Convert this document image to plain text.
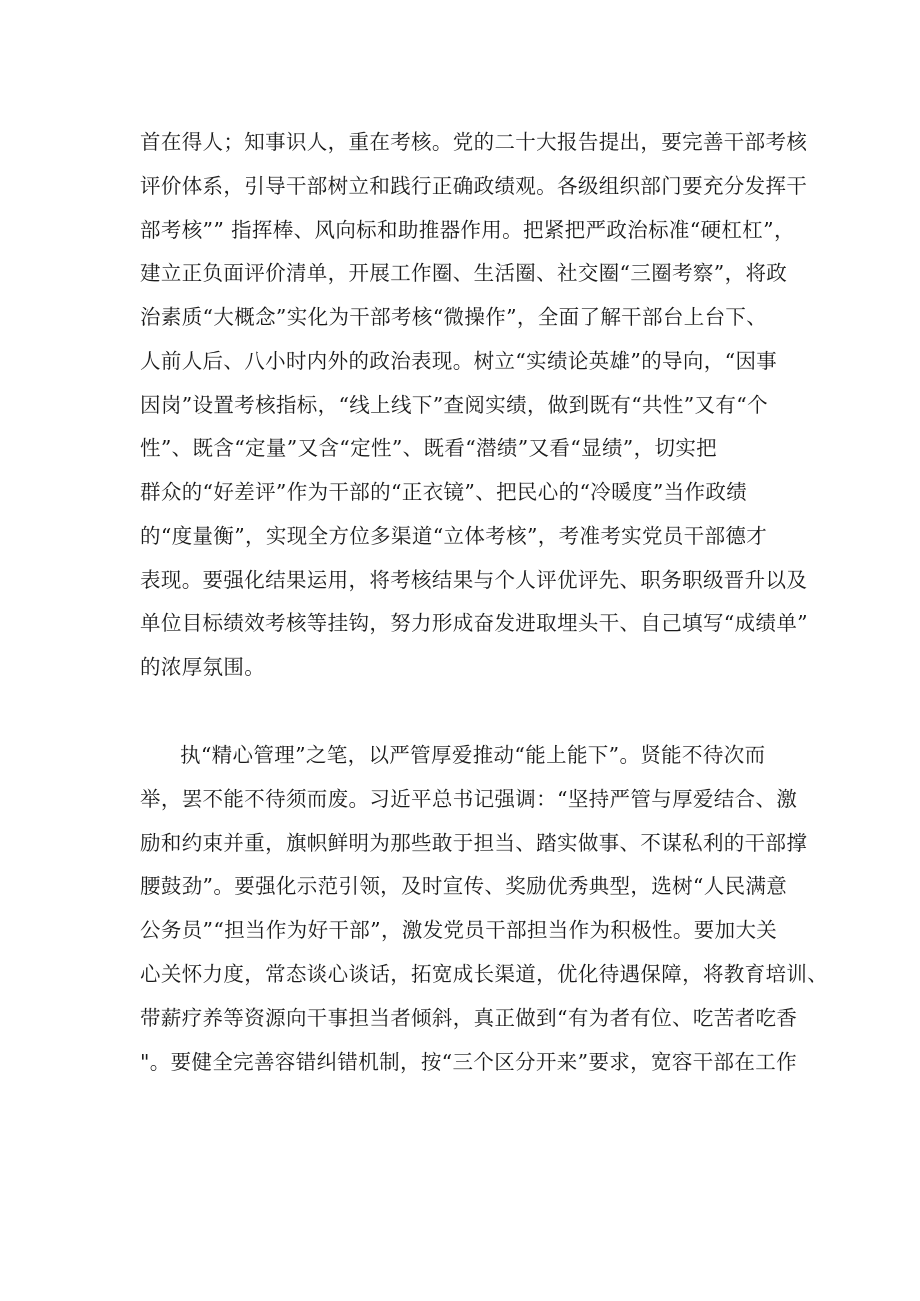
首在得人；知事识人，重在考核。党的二十大报告提出，要完善干部考核
评价体系，引导干部树立和践行正确政绩观。各级组织部门要充分发挥干
部考核”” 指挥棒、风向标和助推器作用。把紧把严政治标准“硬杠杠”，
建立正负面评价清单，开展工作圈、生活圈、社交圈“三圈考察”，将政
治素质“大概念”实化为干部考核“微操作”，全面了解干部台上台下、
人前人后、八小时内外的政治表现。树立“实绩论英雄”的导向，“因事
因岗”设置考核指标，“线上线下”查阅实绩，做到既有“共性”又有“个
性”、既含“定量”又含“定性”、既看“潜绩”又看“显绩”，切实把
群众的“好差评”作为干部的“正衣镜”、把民心的“冷暖度”当作政绩
的“度量衡”，实现全方位多渠道“立体考核”，考准考实党员干部德才
表现。要强化结果运用，将考核结果与个人评优评先、职务职级晋升以及
单位目标绩效考核等挂钩，努力形成奋发进取埋头干、自己填写“成绩单”
的浓厚氛围。
执“精心管理”之笔，以严管厚爱推动“能上能下”。贤能不待次而
举，罢不能不待须而废。习近平总书记强调：“坚持严管与厚爱结合、激
励和约束并重，旗帜鲜明为那些敢于担当、踏实做事、不谋私利的干部撑
腰鼓劲”。要强化示范引领，及时宣传、奖励优秀典型，选树“人民满意
公务员”“担当作为好干部”，激发党员干部担当作为积极性。要加大关
心关怀力度，常态谈心谈话，拓宽成长渠道，优化待遇保障，将教育培训、
带薪疗养等资源向干事担当者倾斜，真正做到“有为者有位、吃苦者吃香
"。要健全完善容错纠错机制，按“三个区分开来”要求，宽容干部在工作
